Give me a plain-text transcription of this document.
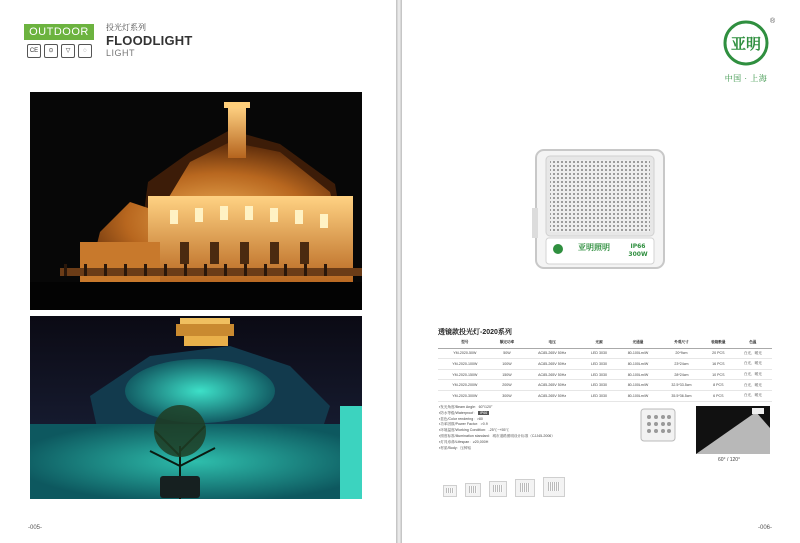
OUTDOOR
CE	⊙	▽	◌
投光灯系列
FLOODLIGHT
LIGHT
-005-
亚明
中国 · 上海
®
亚明照明	IP66
300W
透镜款投光灯-2020系列
型号	额定功率	电压	光源	光通量	外观尺寸	装箱数量	色温
YM-2020-50W	50W	AC85-265V 50Hz	LED 3030	80-100Lm/W	20*9cm	20 PCS	白光、暖光
YM-2020-100W	100W	AC85-265V 50Hz	LED 3030	80-100Lm/W	23*24cm	16 PCS	白光、暖光
YM-2020-150W	150W	AC85-265V 50Hz	LED 3030	80-100Lm/W	28*24cm	10 PCS	白光、暖光
YM-2020-200W	200W	AC85-265V 50Hz	LED 3030	80-100Lm/W	32.5*33.5cm	8 PCS	白光、暖光
YM-2020-300W	300W	AC85-265V 50Hz	LED 3030	80-100Lm/W	35.5*36.5cm	6 PCS	白光、暖光
▪发光角度/Beam Angle：60°/120°
▪防水等级/Waterproof： IP66
▪显色/Color rendering：>80
▪功率因数/Power Factor：>0.9
▪环境温度/Working Condition：-25℃~+55℃
▪照度标准/Illumination standard：城市道路照明设计标准（CJJ45-2006）
▪灯具寿命/Lifespan：≥20,000H
▪材质/Body：压铸铝
60° / 120°
-006-
